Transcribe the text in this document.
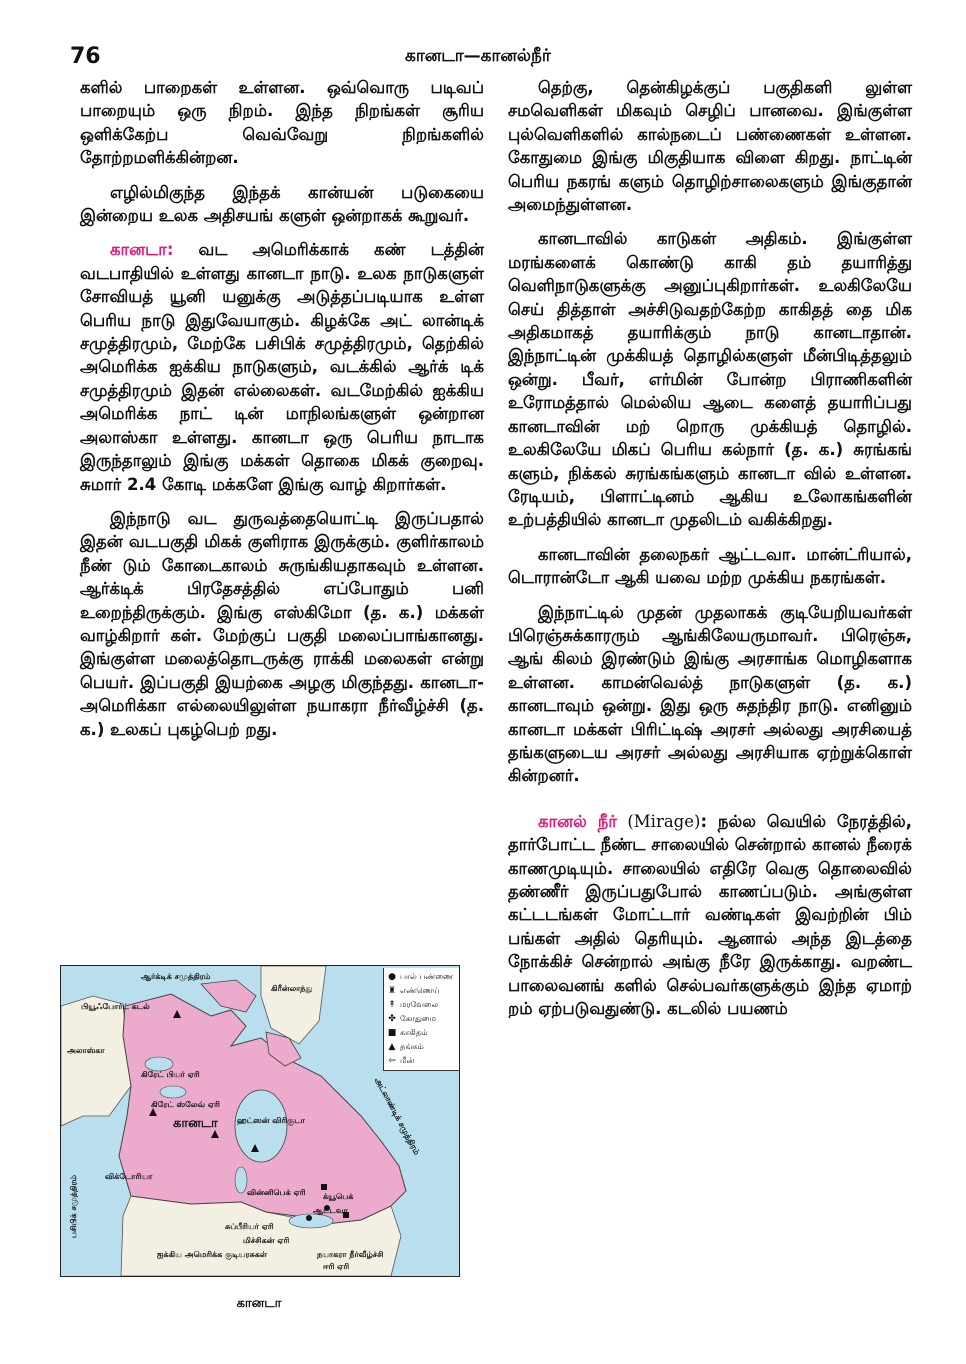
76	கானடா—கானல்நீர்

களில் பாறைகள் உள்ளன. ஒவ்வொரு படிவப் பாறையும் ஒரு நிறம். இந்த நிறங்கள் சூரிய ஒளிக்கேற்ப வெவ்வேறு நிறங்களில் தோற்றமளிக்கின்றன.

எழில்மிகுந்த இந்தக் கான்யன் படுகையை இன்றைய உலக அதிசயங் களுள் ஒன்றாகக் கூறுவர்.

கானடா: வட அமெரிக்காக் கண் டத்தின் வடபாதியில் உள்ளது கானடா நாடு. உலக நாடுகளுள் சோவியத் யூனி யனுக்கு அடுத்தப்படியாக உள்ள பெரிய நாடு இதுவேயாகும். கிழக்கே அட் லான்டிக் சமுத்திரமும், மேற்கே பசிபிக் சமுத்திரமும், தெற்கில் அமெரிக்க ஐக்கிய நாடுகளும், வடக்கில் ஆர்க் டிக் சமுத்திரமும் இதன் எல்லைகள். வடமேற்கில் ஐக்கிய அமெரிக்க நாட் டின் மாநிலங்களுள் ஒன்றான அலாஸ்கா உள்ளது. கானடா ஒரு பெரிய நாடாக இருந்தாலும் இங்கு மக்கள் தொகை மிகக் குறைவு. சுமார் 2.4 கோடி மக்களே இங்கு வாழ் கிறார்கள்.

இந்நாடு வட துருவத்தையொட்டி இருப்பதால் இதன் வடபகுதி மிகக் குளிராக இருக்கும். குளிர்காலம் நீண் டும் கோடைகாலம் சுருங்கியதாகவும் உள்ளன. ஆர்க்டிக் பிரதேசத்தில் எப்போதும் பனி உறைந்திருக்கும். இங்கு எஸ்கிமோ (த. க.) மக்கள் வாழ்கிறார் கள். மேற்குப் பகுதி மலைப்பாங்கானது. இங்குள்ள மலைத்தொடருக்கு ராக்கி மலைகள் என்று பெயர். இப்பகுதி இயற்கை அழகு மிகுந்தது. கானடா-அமெரிக்கா எல்லையிலுள்ள நயாகரா நீர்வீழ்ச்சி (த. க.) உலகப் புகழ்பெற் றது.

● பால் பண்ணை
♜ எண்ணெய்
↟ மரவேலை
✤ கோதுமை
■ காகிதம்
▲ தங்கம்
⇦ மீன்
ஆர்க்டிக் சமுத்திரம்
கிரீன்லாந்து
பியூஃபோர்ட் கடல்
அலாஸ்கா
கிரேட் பியர் ஏரி
கிரேட் ஸ்லேவ் ஏரி
கானடா ஹட்ஸன் விரிகுடா
விக்டோரியா
வின்னிபெக் ஏரி க்யூபெக்
ஆட்டவா
சுப்பீரியர் ஏரி
மிச்சிகன் ஏரி
ஐக்கிய அமெரிக்க குடியரசுகள்	நயாகரா நீர்வீழ்ச்சி
ஈரி ஏரி
பசிபிக் சமுத்திரம்
அட்லாண்டிக் சமுத்திரம்
கானடா

தெற்கு, தென்கிழக்குப் பகுதிகளி லுள்ள சமவெளிகள் மிகவும் செழிப் பானவை. இங்குள்ள புல்வெளிகளில் கால்நடைப் பண்ணைகள் உள்ளன. கோதுமை இங்கு மிகுதியாக விளை கிறது. நாட்டின் பெரிய நகரங் களும் தொழிற்சாலைகளும் இங்குதான் அமைந்துள்ளன.

கானடாவில் காடுகள் அதிகம். இங்குள்ள மரங்களைக் கொண்டு காகி தம் தயாரித்து வெளிநாடுகளுக்கு அனுப்புகிறார்கள். உலகிலேயே செய் தித்தாள் அச்சிடுவதற்கேற்ற காகிதத் தை மிக அதிகமாகத் தயாரிக்கும் நாடு கானடாதான். இந்நாட்டின் முக்கியத் தொழில்களுள் மீன்பிடித்தலும் ஒன்று. பீவர், எர்மின் போன்ற பிராணிகளின் உரோமத்தால் மெல்லிய ஆடை களைத் தயாரிப்பது கானடாவின் மற் றொரு முக்கியத் தொழில். உலகிலேயே மிகப் பெரிய கல்நார் (த. க.) சுரங்கங் களும், நிக்கல் சுரங்கங்களும் கானடா வில் உள்ளன. ரேடியம், பிளாட்டினம் ஆகிய உலோகங்களின் உற்பத்தியில் கானடா முதலிடம் வகிக்கிறது.

கானடாவின் தலைநகர் ஆட்டவா. மான்ட்ரியால், டொரான்டோ ஆகி யவை மற்ற முக்கிய நகரங்கள்.

இந்நாட்டில் முதன் முதலாகக் குடியேறியவர்கள் பிரெஞ்சுக்காரரும் ஆங்கிலேயருமாவர். பிரெஞ்சு, ஆங் கிலம் இரண்டும் இங்கு அரசாங்க மொழிகளாக உள்ளன. காமன்வெல்த் நாடுகளுள் (த. க.) கானடாவும் ஒன்று. இது ஒரு சுதந்திர நாடு. எனினும் கானடா மக்கள் பிரிட்டிஷ் அரசர் அல்லது அரசியைத் தங்களுடைய அரசர் அல்லது அரசியாக ஏற்றுக்கொள் கின்றனர்.

கானல் நீர் (Mirage): நல்ல வெயில் நேரத்தில், தார்போட்ட நீண்ட சாலையில் சென்றால் கானல் நீரைக் காணமுடியும். சாலையில் எதிரே வெகு தொலைவில் தண்ணீர் இருப்பதுபோல் காணப்படும். அங்குள்ள கட்டடங்கள் மோட்டார் வண்டிகள் இவற்றின் பிம் பங்கள் அதில் தெரியும். ஆனால் அந்த இடத்தை நோக்கிச் சென்றால் அங்கு நீரே இருக்காது. வறண்ட பாலைவனங் களில் செல்பவர்களுக்கும் இந்த ஏமாற் றம் ஏற்படுவதுண்டு. கடலில் பயணம்
